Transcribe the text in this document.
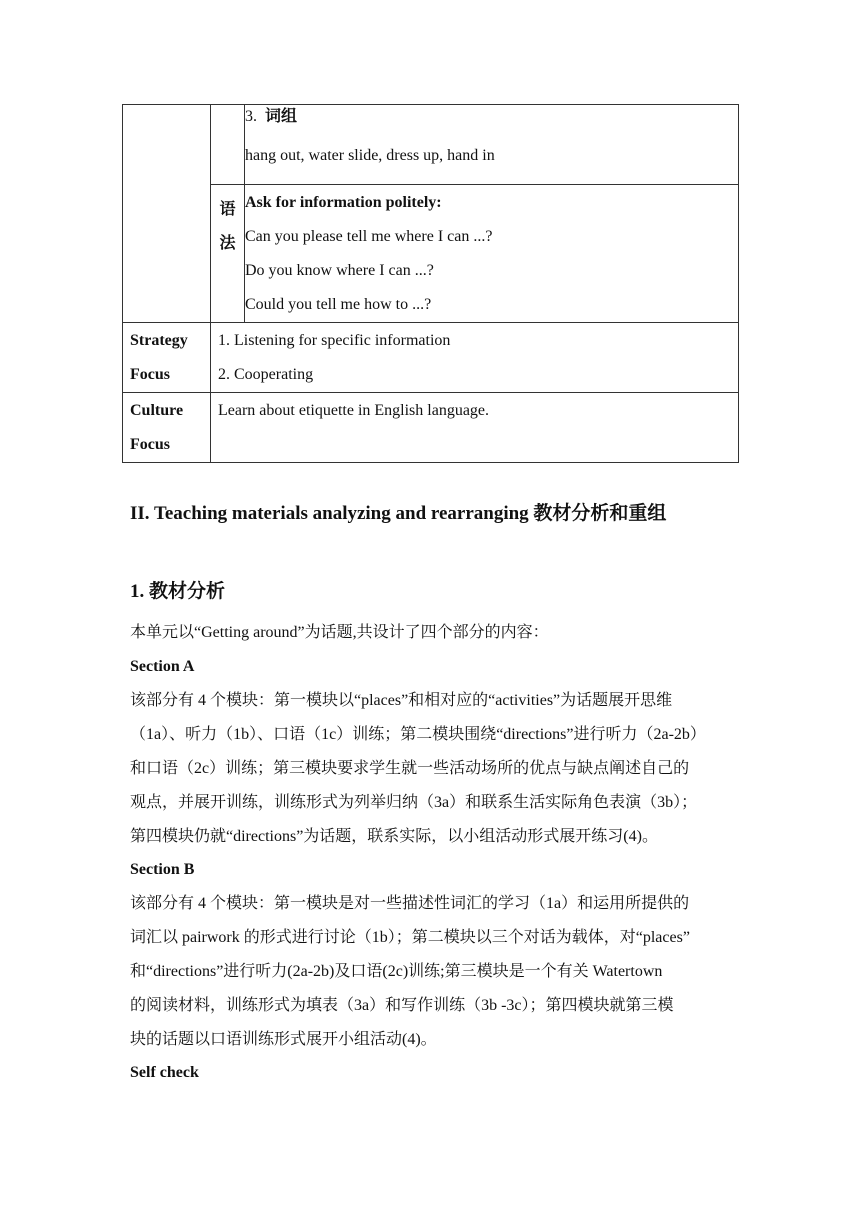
		3. 词组
hang out, water slide, dress up, hand in

	语
法	Ask for information politely:
Can you please tell me where I can ...?
Do you know where I can ...?
Could you tell me how to ...?

Strategy
Focus	1. Listening for specific information
2. Cooperating	

Culture
Focus	Learn about etiquette in English language.	
II. Teaching materials analyzing and rearranging 教材分析和重组
1. 教材分析

本单元以“Getting around”为话题,共设计了四个部分的内容：

Section A

该部分有 4 个模块：第一模块以“places”和相对应的“activities”为话题展开思维
（1a）、听力（1b）、口语（1c）训练；第二模块围绕“directions”进行听力（2a-2b）
和口语（2c）训练；第三模块要求学生就一些活动场所的优点与缺点阐述自己的
观点，并展开训练，训练形式为列举归纳（3a）和联系生活实际角色表演（3b）；
第四模块仍就“directions”为话题，联系实际，以小组活动形式展开练习(4)。

Section B

该部分有 4 个模块：第一模块是对一些描述性词汇的学习（1a）和运用所提供的
词汇以 pairwork 的形式进行讨论（1b）；第二模块以三个对话为载体，对“places”
和“directions”进行听力(2a-2b)及口语(2c)训练;第三模块是一个有关 Watertown
的阅读材料，训练形式为填表（3a）和写作训练（3b -3c）；第四模块就第三模
块的话题以口语训练形式展开小组活动(4)。

Self check
